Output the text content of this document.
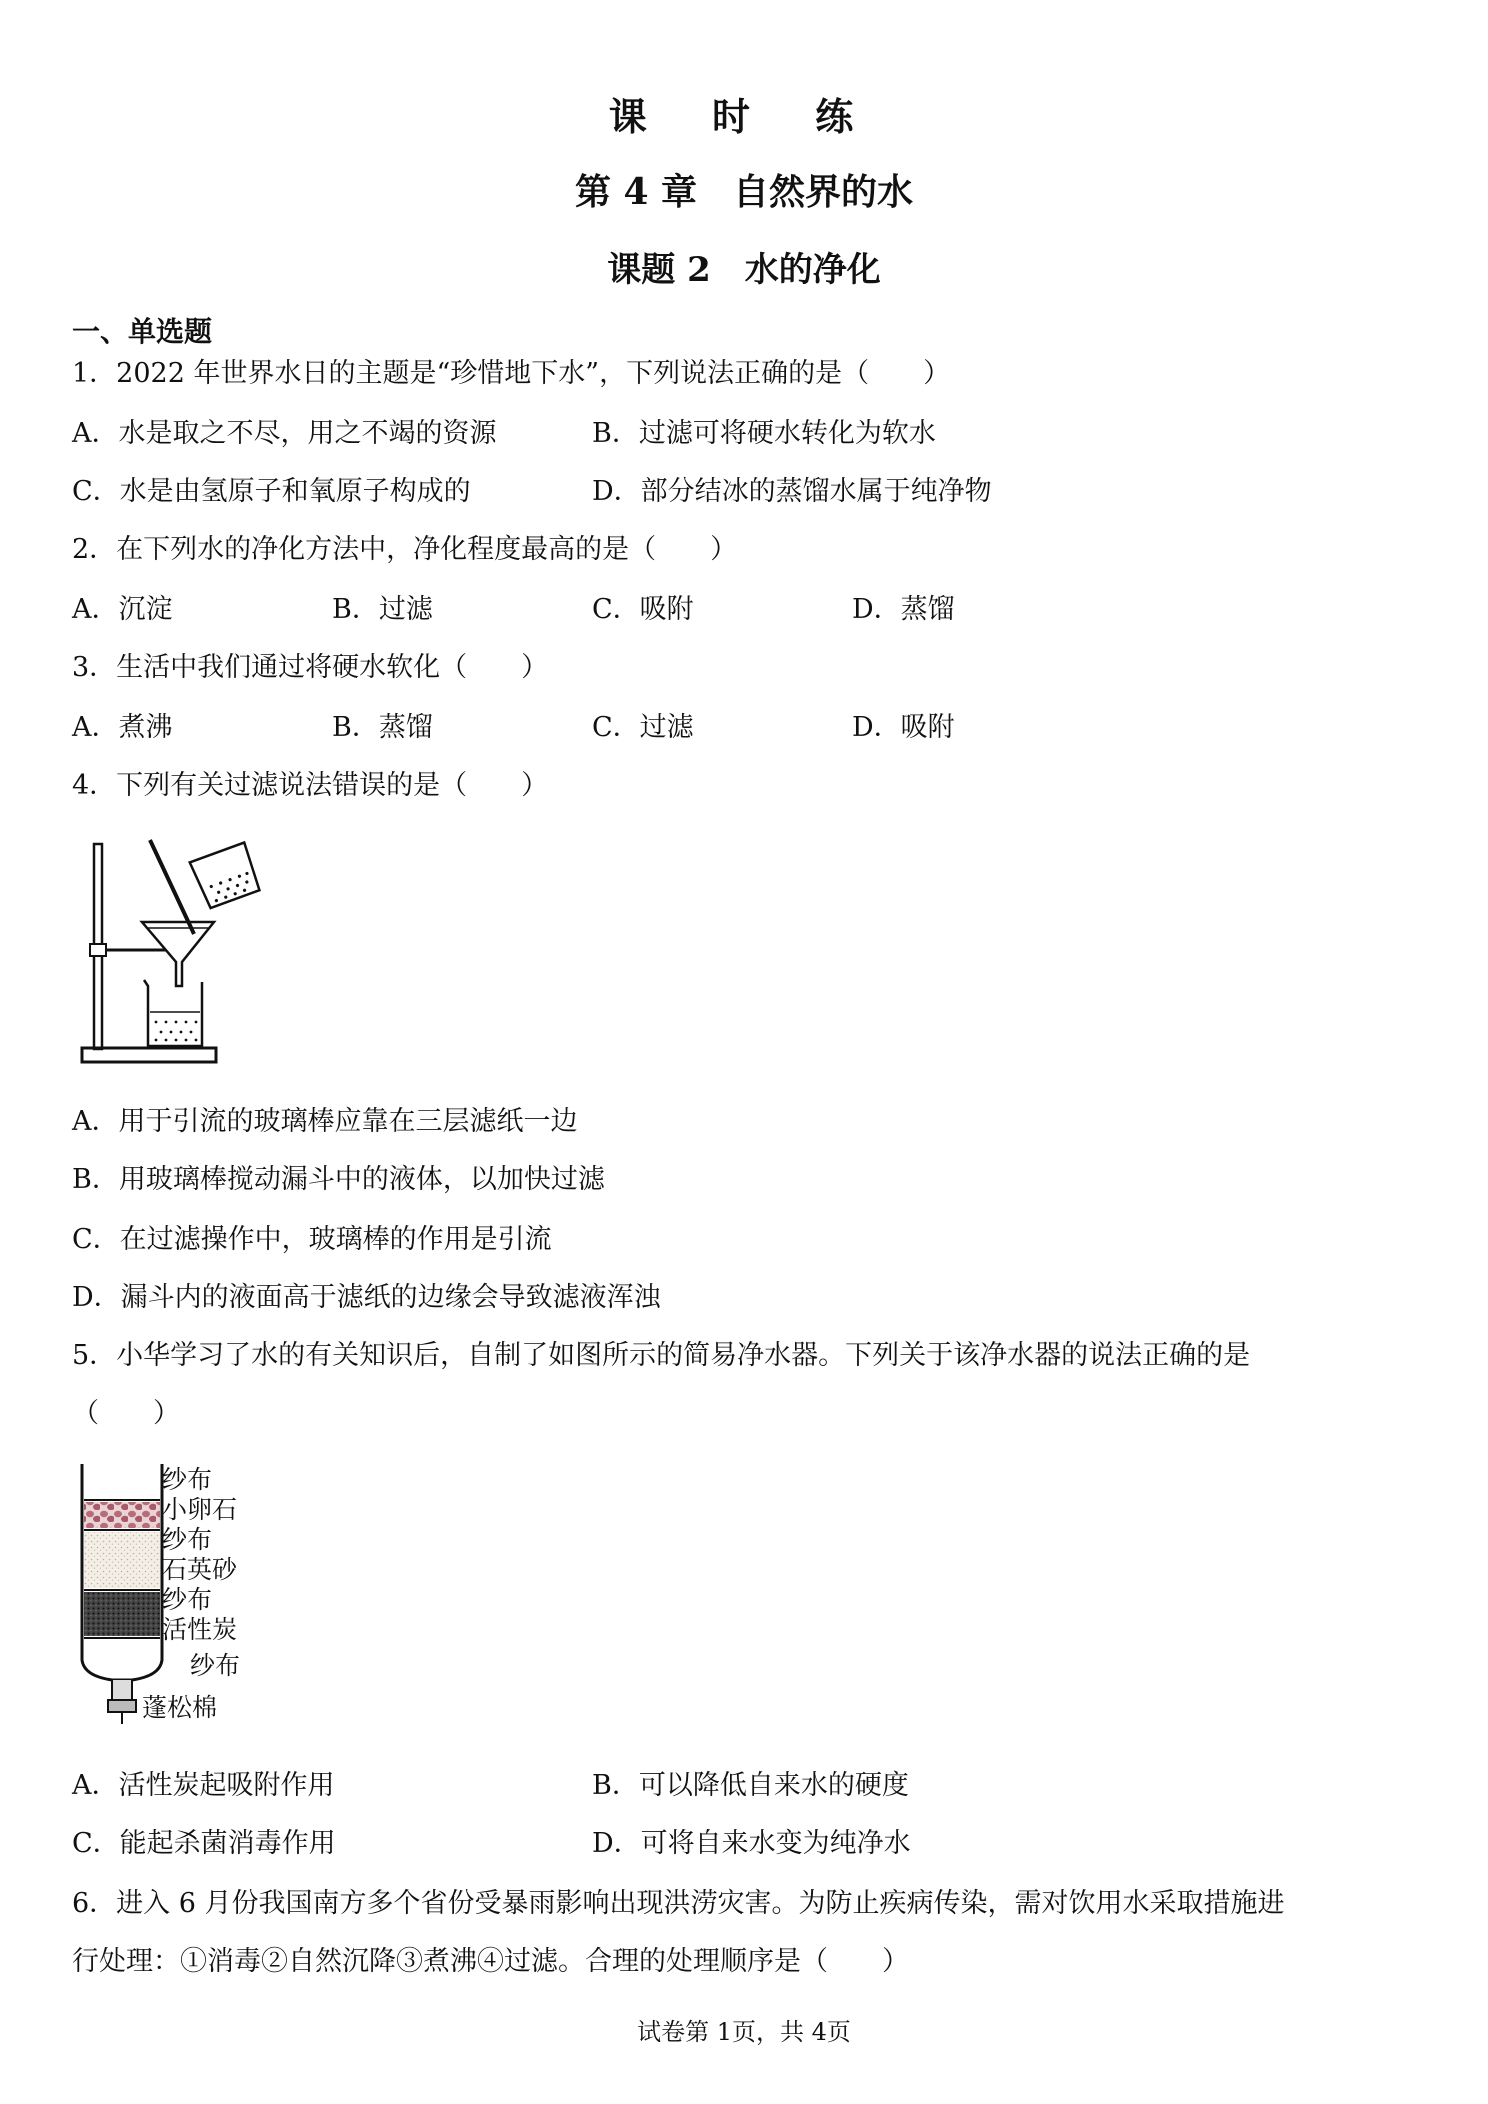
课 时 练
第 4 章　自然界的水
课题 2　水的净化
一、单选题
1．2022 年世界水日的主题是“珍惜地下水”，下列说法正确的是（　　）
A．水是取之不尽，用之不竭的资源	B．过滤可将硬水转化为软水
C．水是由氢原子和氧原子构成的	D．部分结冰的蒸馏水属于纯净物
2．在下列水的净化方法中，净化程度最高的是（　　）
A．沉淀	B．过滤	C．吸附	D．蒸馏
3．生活中我们通过将硬水软化（　　）
A．煮沸	B．蒸馏	C．过滤	D．吸附
4．下列有关过滤说法错误的是（　　）
A．用于引流的玻璃棒应靠在三层滤纸一边
B．用玻璃棒搅动漏斗中的液体，以加快过滤
C．在过滤操作中，玻璃棒的作用是引流
D．漏斗内的液面高于滤纸的边缘会导致滤液浑浊
5．小华学习了水的有关知识后，自制了如图所示的简易净水器。下列关于该净水器的说法正确的是
（　　）
纱布
小卵石
纱布
石英砂
纱布
活性炭
纱布
蓬松棉
A．活性炭起吸附作用	B．可以降低自来水的硬度
C．能起杀菌消毒作用	D．可将自来水变为纯净水
6．进入 6 月份我国南方多个省份受暴雨影响出现洪涝灾害。为防止疾病传染，需对饮用水采取措施进
行处理：①消毒②自然沉降③煮沸④过滤。合理的处理顺序是（　　）
试卷第 1页，共 4页
